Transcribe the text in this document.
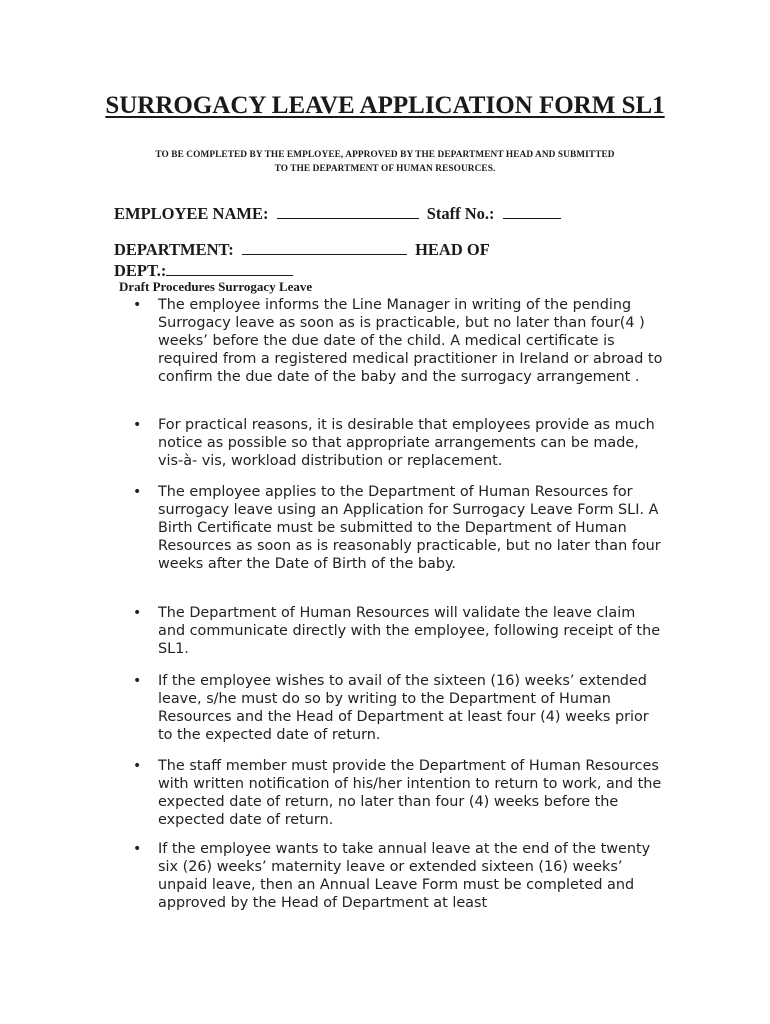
SURROGACY LEAVE APPLICATION FORM SL1
TO BE COMPLETED BY THE EMPLOYEE, APPROVED BY THE DEPARTMENT HEAD AND SUBMITTED
TO THE DEPARTMENT OF HUMAN RESOURCES.
EMPLOYEE NAME:	Staff No.:
DEPARTMENT:	HEAD OF
DEPT.:
Draft Procedures Surrogacy Leave
•	The employee informs the Line Manager in writing of the pending Surrogacy leave as soon as is practicable, but no later than four(4 ) weeks’ before the due date of the child. A medical certificate is required from a registered medical practitioner in Ireland or abroad to confirm the due date of the baby and the surrogacy arrangement .
•	For practical reasons, it is desirable that employees provide as much notice as possible so that appropriate arrangements can be made, vis-à- vis, workload distribution or replacement.
•	The employee applies to the Department of Human Resources for surrogacy leave using an Application for Surrogacy Leave Form SLI. A Birth Certificate must be submitted to the Department of Human Resources as soon as is reasonably practicable, but no later than four weeks after the Date of Birth of the baby.
•	The Department of Human Resources will validate the leave claim and communicate directly with the employee, following receipt of the SL1.
•	If the employee wishes to avail of the sixteen (16) weeks’ extended leave, s/he must do so by writing to the Department of Human Resources and the Head of Department at least four (4) weeks prior to the expected date of return.
•	The staff member must provide the Department of Human Resources with written notification of his/her intention to return to work, and the expected date of return, no later than four (4) weeks before the expected date of return.
•	If the employee wants to take annual leave at the end of the twenty six (26) weeks’ maternity leave or extended sixteen (16) weeks’ unpaid leave, then an Annual Leave Form must be completed and approved by the Head of Department at least
